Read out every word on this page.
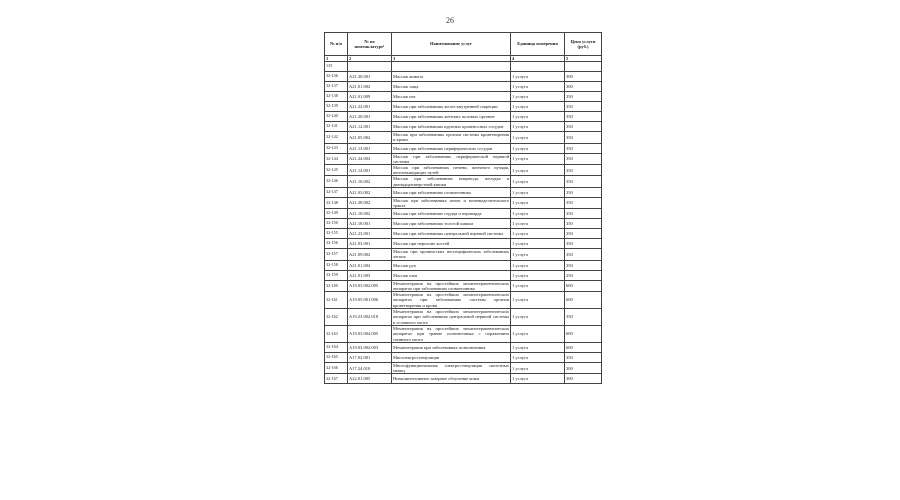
26
№ п/п	№ по номенклатуре¹	Наименование услуг	Единица измерения	Цена услуги (руб.)
1	2	3	4	5
135				
32-136	A21.30.001	Массаж живота	1 услуга	300
32-137	A21.01.002	Массаж лица	1 услуга	300
32-138	A21.01.009	Массаж ног	1 услуга	350
32-139	A21.22.001	Массаж при заболеваниях желез внутренней секреции	1 услуга	350
32-140	A21.20.001	Массаж при заболеваниях женских половых органов	1 услуга	350
32-141	A21.12.001	Массаж при заболеваниях крупных кровеносных сосудов	1 услуга	350
32-142	A21.05.002	Массаж при заболеваниях органов системы кроветворения и крови	1 услуга	350
32-143	A21.13.001	Массаж при заболеваниях периферических сосудов	1 услуга	350
32-144	A21.24.004	Массаж при заболеваниях периферической нервной системы	1 услуга	350
32-145	A21.14.001	Массаж при заболеваниях печени, желчного пузыря, желчевыводящих путей	1 услуга	350
32-146	A21.16.002	Массаж при заболеваниях пищевода, желудка и двенадцатиперстной кишки	1 услуга	350
32-147	A21.03.002	Массаж при заболеваниях позвоночника	1 услуга	350
32-148	A21.28.002	Массаж при заболеваниях почек и мочевыделительного тракта	1 услуга	350
32-149	A21.10.002	Массаж при заболеваниях сердца и перикарда	1 услуга	350
32-150	A21.18.001	Массаж при заболеваниях толстой кишки	1 услуга	350
32-155	A21.23.001	Массаж при заболеваниях центральной нервной системы	1 услуга	350
32-156	A21.03.001	Массаж при переломе костей	1 услуга	350
32-157	A21.09.002	Массаж при хронических неспецифических заболеваниях легких	1 услуга	350
32-158	A21.01.004	Массаж рук	1 услуга	350
32-159	A21.01.003	Массаж шеи	1 услуга	250
32-160	A19.03.002.005	Механотерапия на простейших механотерапевтических аппаратах при заболеваниях позвоночника	1 услуга	600
32-161	A19.05.001.006	Механотерапия на простейших механотерапевтических аппаратах при заболеваниях системы органов кроветворения и крови	1 услуга	600
32-162	A19.23.002.018	Механотерапия на простейших механотерапевтических аппаратах при заболеваниях центральной нервной системы и головного мозга	1 услуга	350
32-163	A19.03.004.005	Механотерапия на простейших механотерапевтических аппаратах при травме позвоночника с поражением спинного мозга	1 услуга	600
32-164	A19.03.002.003	Механотерапия при заболеваниях позвоночника	1 услуга	600
32-165	A17.02.001	Миоэлектростимуляция	1 услуга	350
32-166	A17.24.010	Многофункциональная электростимуляция скелетных мышц	1 услуга	300
32-167	A22.01.005	Низкоинтенсивное лазерное облучение кожи	1 услуга	300
